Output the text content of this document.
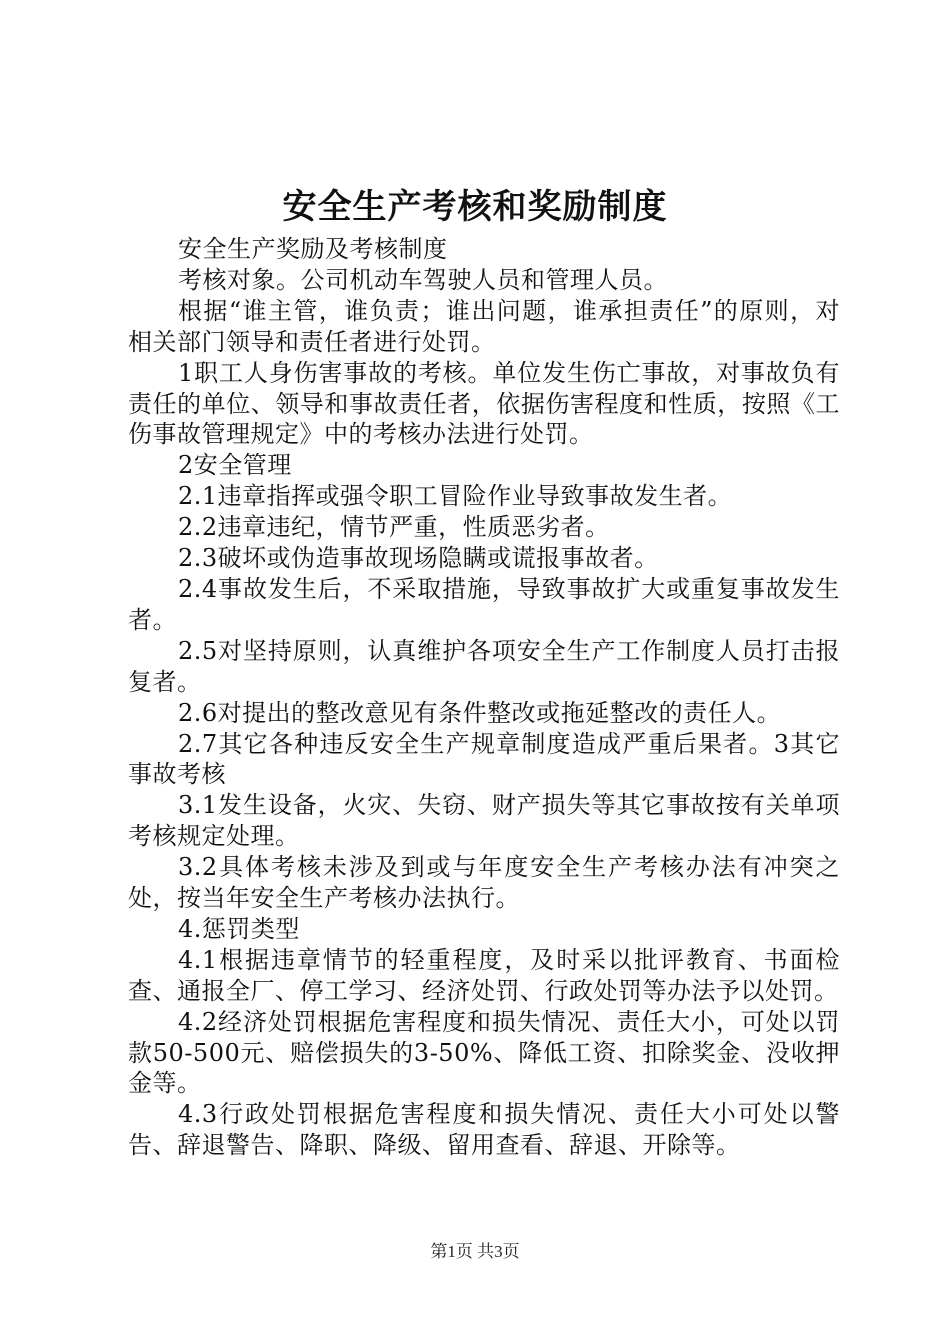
安全生产考核和奖励制度

安全生产奖励及考核制度

考核对象。公司机动车驾驶人员和管理人员。

根据“谁主管，谁负责；谁出问题，谁承担责任”的原则，对相关部门领导和责任者进行处罚。

1职工人身伤害事故的考核。单位发生伤亡事故，对事故负有责任的单位、领导和事故责任者，依据伤害程度和性质，按照《工伤事故管理规定》中的考核办法进行处罚。

2安全管理

2.1违章指挥或强令职工冒险作业导致事故发生者。

2.2违章违纪，情节严重，性质恶劣者。

2.3破坏或伪造事故现场隐瞒或谎报事故者。

2.4事故发生后，不采取措施，导致事故扩大或重复事故发生者。

2.5对坚持原则，认真维护各项安全生产工作制度人员打击报复者。

2.6对提出的整改意见有条件整改或拖延整改的责任人。

2.7其它各种违反安全生产规章制度造成严重后果者。3其它事故考核

3.1发生设备，火灾、失窃、财产损失等其它事故按有关单项考核规定处理。

3.2具体考核未涉及到或与年度安全生产考核办法有冲突之处，按当年安全生产考核办法执行。

4.惩罚类型

4.1根据违章情节的轻重程度，及时采以批评教育、书面检查、通报全厂、停工学习、经济处罚、行政处罚等办法予以处罚。

4.2经济处罚根据危害程度和损失情况、责任大小，可处以罚款50-500元、赔偿损失的3-50%、降低工资、扣除奖金、没收押金等。

4.3行政处罚根据危害程度和损失情况、责任大小可处以警告、辞退警告、降职、降级、留用查看、辞退、开除等。

第1页 共3页
